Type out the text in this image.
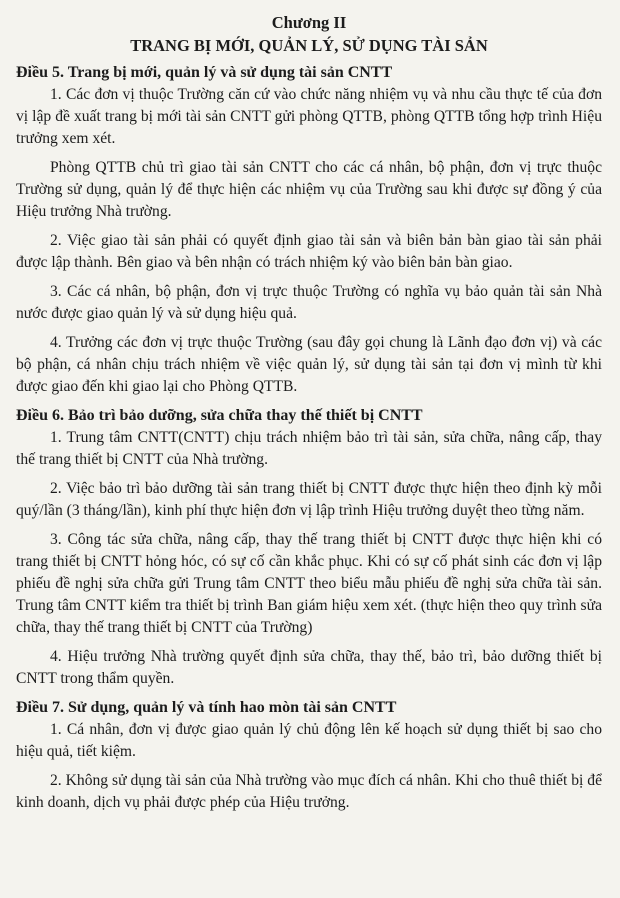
Chương II
TRANG BỊ MỚI, QUẢN LÝ, SỬ DỤNG TÀI SẢN

Điều 5. Trang bị mới, quản lý và sử dụng tài sản CNTT

1. Các đơn vị thuộc Trường căn cứ vào chức năng nhiệm vụ và nhu cầu thực tế của đơn vị lập đề xuất trang bị mới tài sản CNTT gửi phòng QTTB, phòng QTTB tổng hợp trình Hiệu trưởng xem xét.

Phòng QTTB chủ trì giao tài sản CNTT cho các cá nhân, bộ phận, đơn vị trực thuộc Trường sử dụng, quản lý để thực hiện các nhiệm vụ của Trường sau khi được sự đồng ý của Hiệu trưởng Nhà trường.

2. Việc giao tài sản phải có quyết định giao tài sản và biên bản bàn giao tài sản phải được lập thành. Bên giao và bên nhận có trách nhiệm ký vào biên bản bàn giao.

3. Các cá nhân, bộ phận, đơn vị trực thuộc Trường có nghĩa vụ bảo quản tài sản Nhà nước được giao quản lý và sử dụng hiệu quả.

4. Trưởng các đơn vị trực thuộc Trường (sau đây gọi chung là Lãnh đạo đơn vị) và các bộ phận, cá nhân chịu trách nhiệm về việc quản lý, sử dụng tài sản tại đơn vị mình từ khi được giao đến khi giao lại cho Phòng QTTB.

Điều 6. Bảo trì bảo dưỡng, sửa chữa thay thế thiết bị CNTT

1. Trung tâm CNTT(CNTT) chịu trách nhiệm bảo trì tài sản, sửa chữa, nâng cấp, thay thế trang thiết bị CNTT của Nhà trường.

2. Việc bảo trì bảo dưỡng tài sản trang thiết bị CNTT được thực hiện theo định kỳ mỗi quý/lần (3 tháng/lần), kinh phí thực hiện đơn vị lập trình Hiệu trưởng duyệt theo từng năm.

3. Công tác sửa chữa, nâng cấp, thay thế trang thiết bị CNTT được thực hiện khi có trang thiết bị CNTT hỏng hóc, có sự cố cần khắc phục. Khi có sự cố phát sinh các đơn vị lập phiếu đề nghị sửa chữa gửi Trung tâm CNTT theo biểu mẫu phiếu đề nghị sửa chữa tài sản. Trung tâm CNTT kiểm tra thiết bị trình Ban giám hiệu xem xét. (thực hiện theo quy trình sửa chữa, thay thế trang thiết bị CNTT của Trường)

4. Hiệu trưởng Nhà trường quyết định sửa chữa, thay thế, bảo trì, bảo dưỡng thiết bị CNTT trong thẩm quyền.

Điều 7. Sử dụng, quản lý và tính hao mòn tài sản CNTT

1. Cá nhân, đơn vị được giao quản lý chủ động lên kế hoạch sử dụng thiết bị sao cho hiệu quả, tiết kiệm.

2. Không sử dụng tài sản của Nhà trường vào mục đích cá nhân. Khi cho thuê thiết bị để kinh doanh, dịch vụ phải được phép của Hiệu trưởng.
